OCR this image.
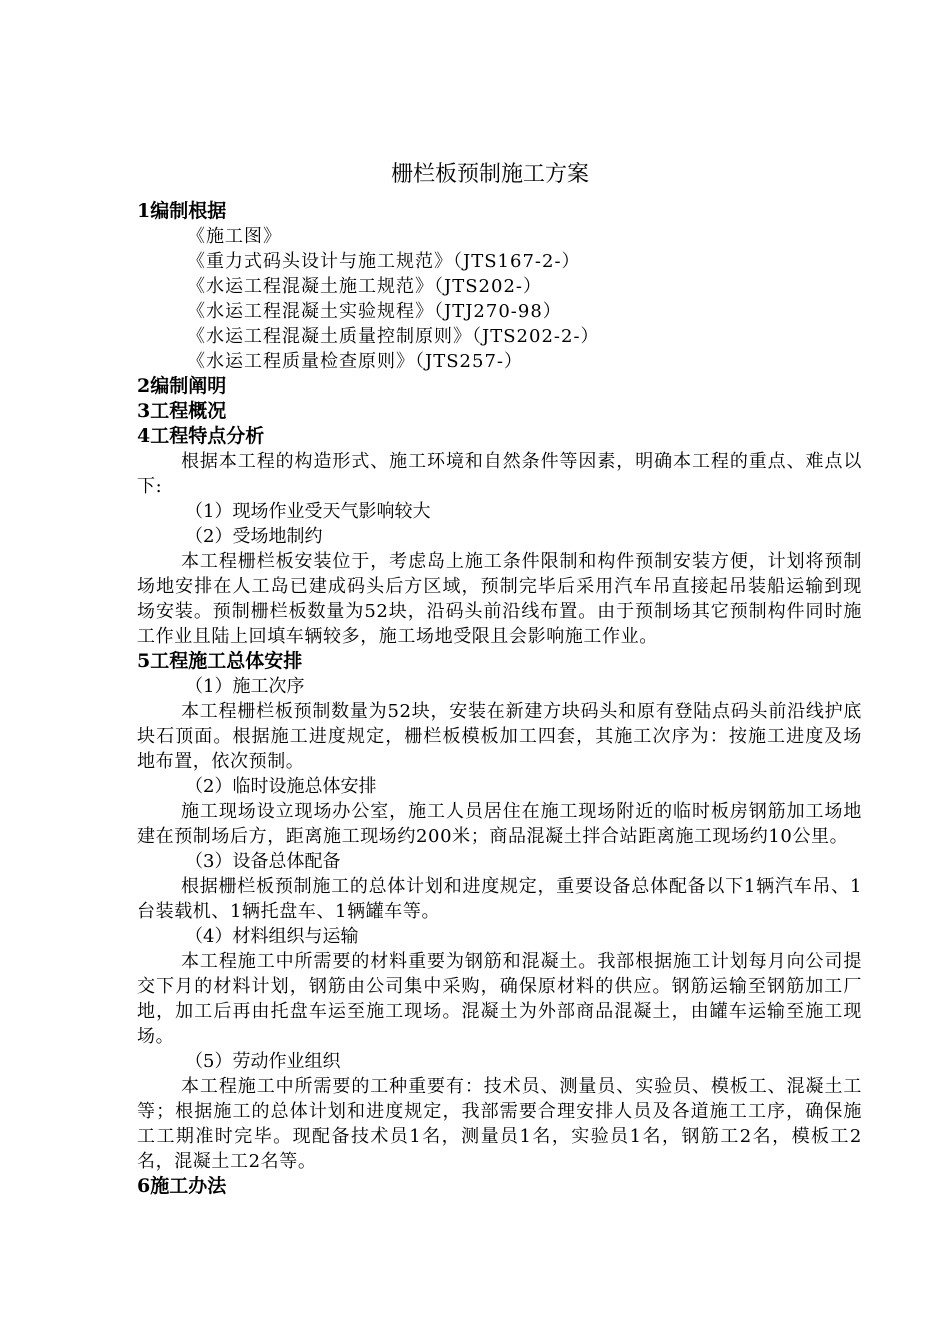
栅栏板预制施工方案
1编制根据
《施工图》
《重力式码头设计与施工规范》（JTS167-2-）
《水运工程混凝土施工规范》（JTS202-）
《水运工程混凝土实验规程》（JTJ270-98）
《水运工程混凝土质量控制原则》（JTS202-2-）
《水运工程质量检查原则》（JTS257-）
2编制阐明
3工程概况
4工程特点分析
根据本工程的构造形式、施工环境和自然条件等因素，明确本工程的重点、难点以下:
（1）现场作业受天气影响较大
（2）受场地制约
本工程栅栏板安装位于，考虑岛上施工条件限制和构件预制安装方便，计划将预制场地安排在人工岛已建成码头后方区域，预制完毕后采用汽车吊直接起吊装船运输到现场安装。预制栅栏板数量为52块，沿码头前沿线布置。由于预制场其它预制构件同时施工作业且陆上回填车辆较多，施工场地受限且会影响施工作业。
5工程施工总体安排
（1）施工次序
本工程栅栏板预制数量为52块，安装在新建方块码头和原有登陆点码头前沿线护底块石顶面。根据施工进度规定，栅栏板模板加工四套，其施工次序为：按施工进度及场地布置，依次预制。
（2）临时设施总体安排
施工现场设立现场办公室，施工人员居住在施工现场附近的临时板房钢筋加工场地建在预制场后方，距离施工现场约200米；商品混凝土拌合站距离施工现场约10公里。
（3）设备总体配备
根据栅栏板预制施工的总体计划和进度规定，重要设备总体配备以下1辆汽车吊、1台装载机、1辆托盘车、1辆罐车等。
（4）材料组织与运输
本工程施工中所需要的材料重要为钢筋和混凝土。我部根据施工计划每月向公司提交下月的材料计划，钢筋由公司集中采购，确保原材料的供应。钢筋运输至钢筋加工厂地，加工后再由托盘车运至施工现场。混凝土为外部商品混凝土，由罐车运输至施工现场。
（5）劳动作业组织
本工程施工中所需要的工种重要有：技术员、测量员、实验员、模板工、混凝土工等；根据施工的总体计划和进度规定，我部需要合理安排人员及各道施工工序，确保施工工期准时完毕。现配备技术员1名，测量员1名，实验员1名，钢筋工2名，模板工2名，混凝土工2名等。
6施工办法
